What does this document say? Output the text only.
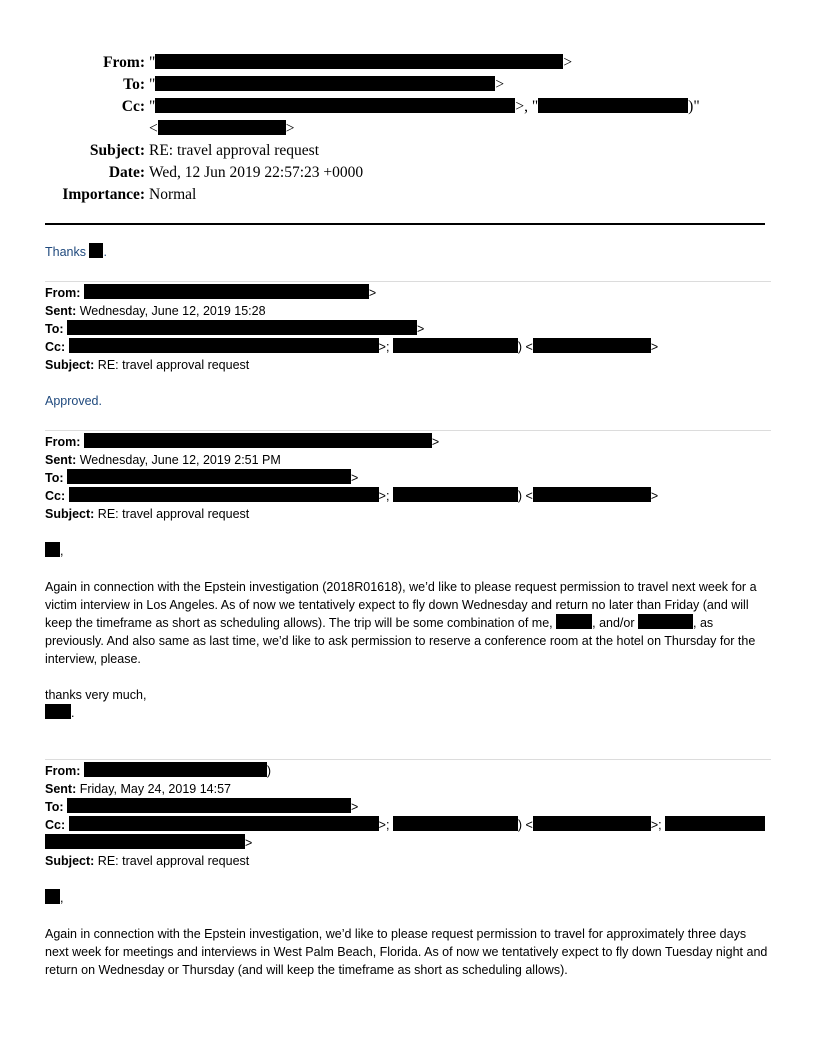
From: "	>
To: "	>
Cc: "	>, "	)"
<	>
Subject: RE: travel approval request
Date: Wed, 12 Jun 2019 22:57:23 +0000
Importance: Normal
Thanks .
From:	>
Sent: Wednesday, June 12, 2019 15:28
To:	>
Cc:	>;	) <	>
Subject: RE: travel approval request
Approved.
From:	>
Sent: Wednesday, June 12, 2019 2:51 PM
To:	>
Cc:	>;	) <	>
Subject: RE: travel approval request
,

Again in connection with the Epstein investigation (2018R01618), we’d like to please request permission to travel next week for a victim interview in Los Angeles. As of now we tentatively expect to fly down Wednesday and return no later than Friday (and will keep the timeframe as short as scheduling allows). The trip will be some combination of me,	, and/or	, as previously. And also same as last time, we’d like to ask permission to reserve a conference room at the hotel on Thursday for the interview, please.

thanks very much,
.
From:	)
Sent: Friday, May 24, 2019 14:57
To:	>
Cc:	>;	) <	>;
>
Subject: RE: travel approval request
,
Again in connection with the Epstein investigation, we’d like to please request permission to travel for approximately three days next week for meetings and interviews in West Palm Beach, Florida. As of now we tentatively expect to fly down Tuesday night and return on Wednesday or Thursday (and will keep the timeframe as short as scheduling allows).
